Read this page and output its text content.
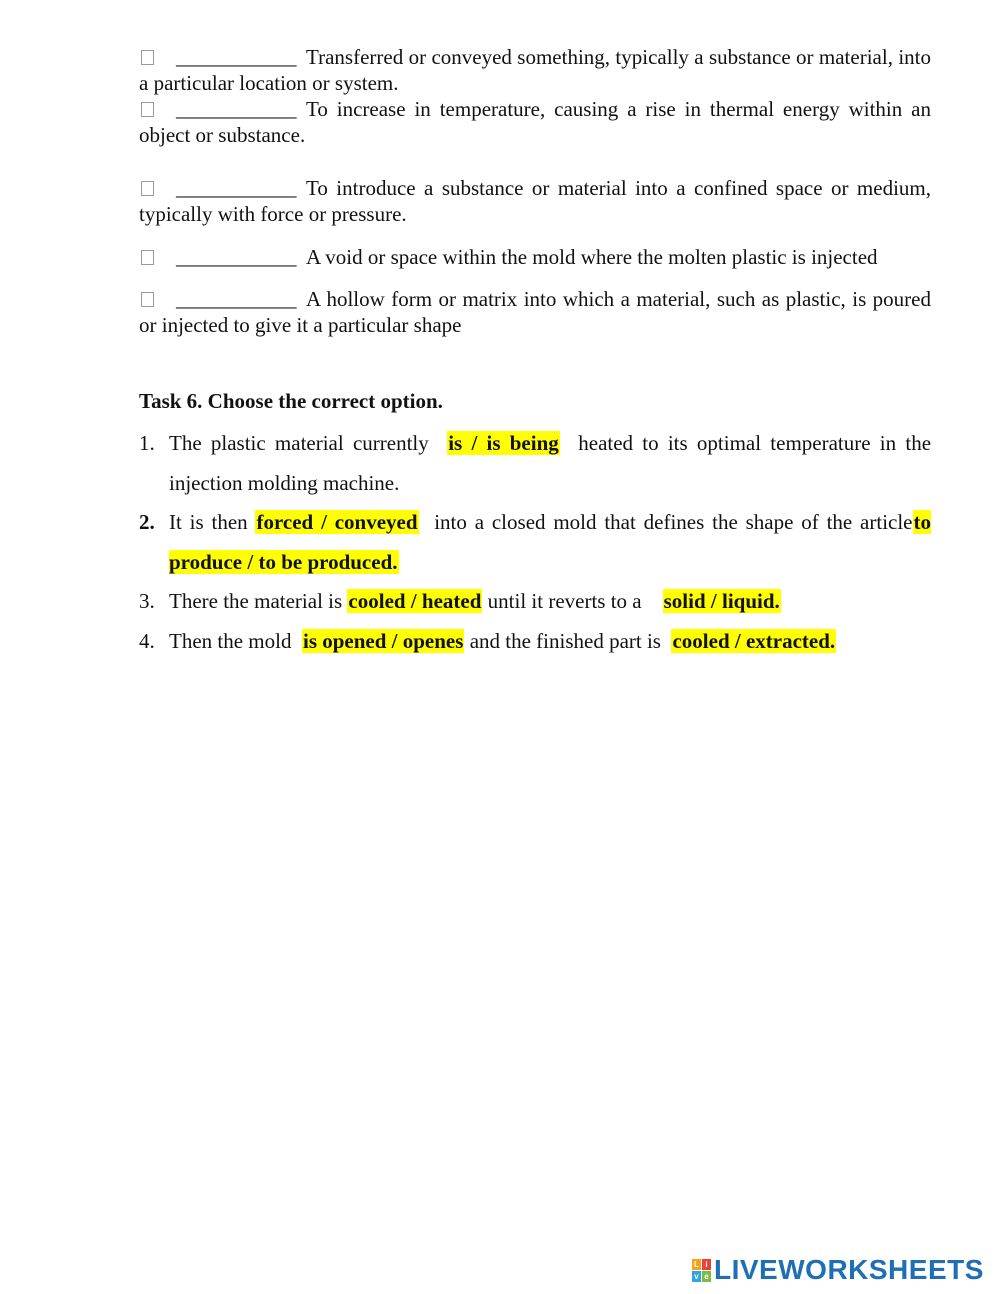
____________ Transferred or conveyed something, typically a substance or material, into a particular location or system.

____________ To increase in temperature, causing a rise in thermal energy within an object or substance.

____________ To introduce a substance or material into a confined space or medium, typically with force or pressure.

____________ A void or space within the mold where the molten plastic is injected

____________ A hollow form or matrix into which a material, such as plastic, is poured or injected to give it a particular shape

Task 6. Choose the correct option.

1. The plastic material currently is / is being heated to its optimal temperature in the injection molding machine.
2. It is then forced / conveyed into a closed mold that defines the shape of the articleto produce / to be produced.
3. There the material is cooled / heated until it reverts to a solid / liquid.
4. Then the mold is opened / openes and the finished part is cooled / extracted.
L i
v e LIVEWORKSHEETS
